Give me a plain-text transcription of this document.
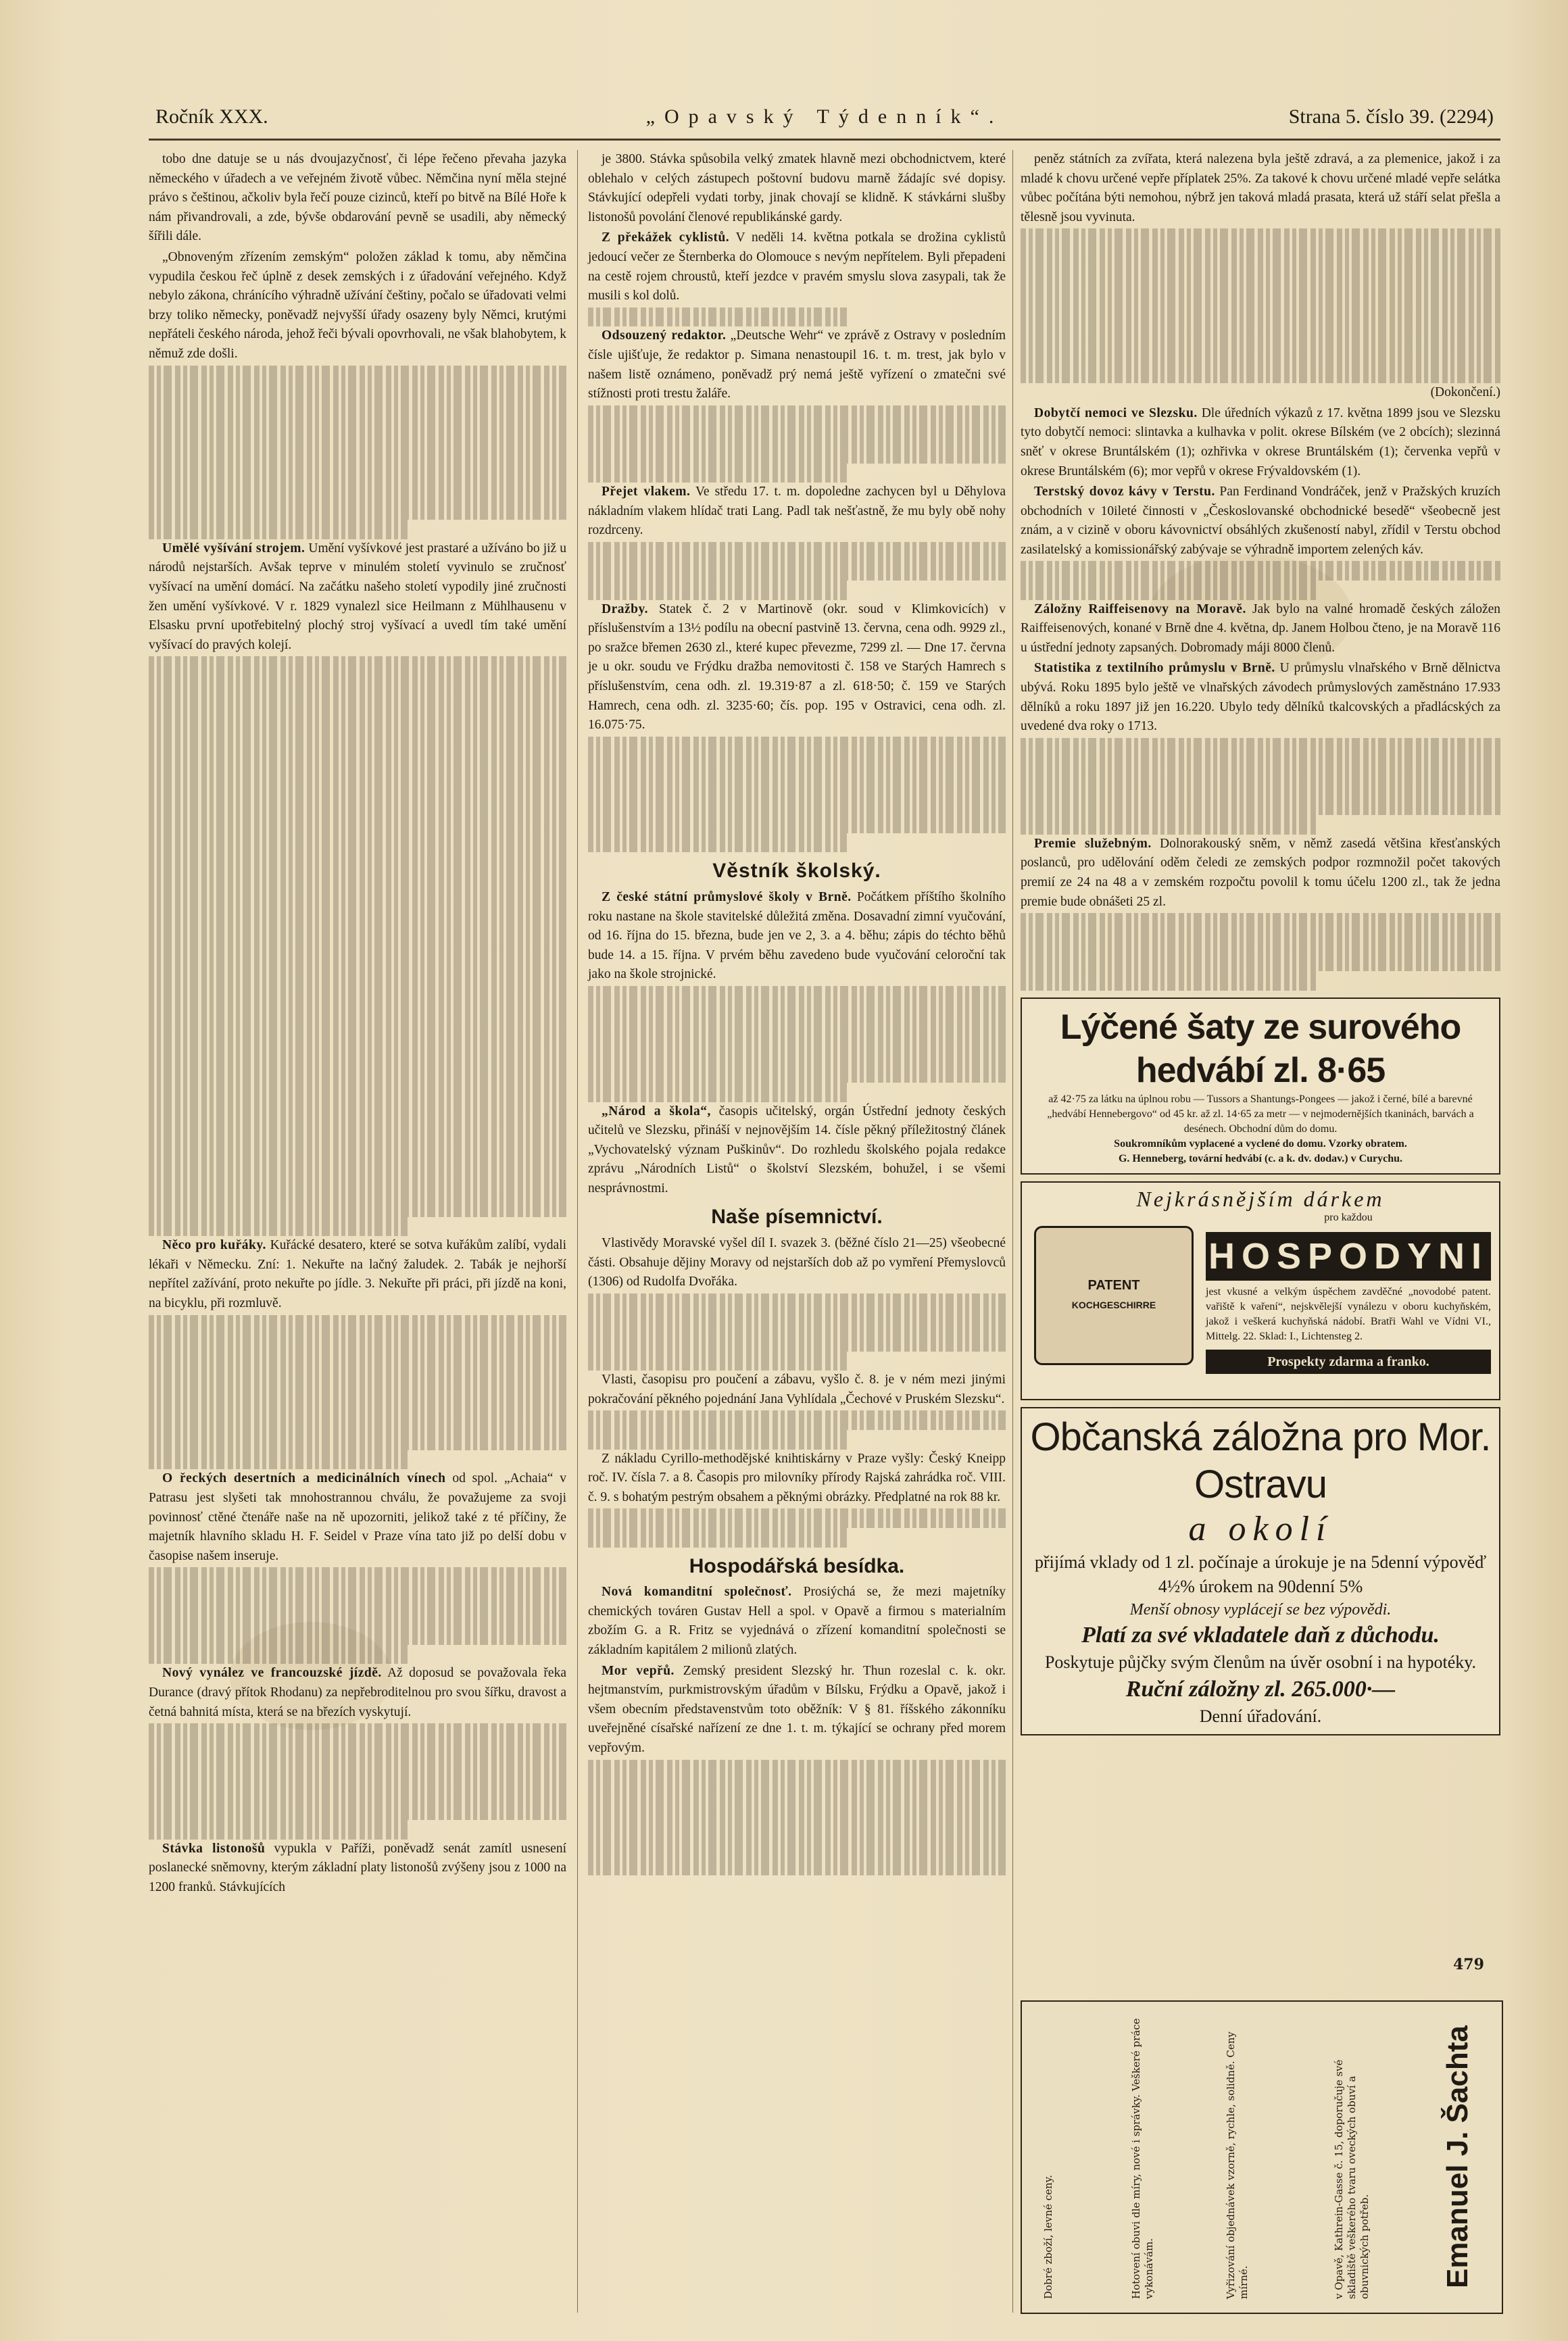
Ročník XXX.	„Opavský Týdenník“.	Strana 5. číslo 39. (2294)

tobo dne datuje se u nás dvoujazyčnosť, či lépe řečeno převaha jazyka německého v úřadech a ve veřejném životě vůbec. Němčina nyní měla stejné právo s češtinou, ačkoliv byla řečí pouze cizinců, kteří po bitvě na Bílé Hoře k nám přivandrovali, a zde, bývše obdarování pevně se usadili, aby německý šířili dále.

„Obnoveným zřízením zemským“ položen základ k tomu, aby němčina vypudila českou řeč úplně z desek zemských i z úřadování veřejného. Když nebylo zákona, chránícího výhradně užívání češtiny, počalo se úřadovati velmi brzy toliko německy, poněvadž nejvyšší úřady osazeny byly Němci, krutými nepřáteli českého národa, jehož řeči bývali opovrhovali, ne však blahobytem, k němuž zde došli.

Umělé vyšívání strojem. Umění vyšívkové jest prastaré a užíváno bo již u národů nejstarších. Avšak teprve v minulém století vyvinulo se zručnosť vyšívací na umění domácí. Na začátku našeho století vypodily jiné zručnosti žen umění vyšívkové. V r. 1829 vynalezl sice Heilmann z Mühlhausenu v Elsasku první upotřebitelný plochý stroj vyšívací a uvedl tím také umění vyšívací do pravých kolejí.

Něco pro kuřáky. Kuřácké desatero, které se sotva kuřákům zalíbí, vydali lékaři v Německu. Zní: 1. Nekuřte na lačný žaludek. 2. Tabák je nejhorší nepřítel zažívání, proto nekuřte po jídle. 3. Nekuřte při práci, při jízdě na koni, na bicyklu, při rozmluvě.

O řeckých desertních a medicinálních vínech od spol. „Achaia“ v Patrasu jest slyšeti tak mnohostrannou chválu, že považujeme za svoji povinnosť ctěné čtenáře naše na ně upozorniti, jelikož také z té příčiny, že majetník hlavního skladu H. F. Seidel v Praze vína tato již po delší dobu v časopise našem inseruje.

Nový vynález ve francouzské jízdě. Až doposud se považovala řeka Durance (dravý přítok Rhodanu) za nepřebroditelnou pro svou šířku, dravost a četná bahnitá místa, která se na březích vyskytují.

Stávka listonošů vypukla v Paříži, poněvadž senát zamítl usnesení poslanecké sněmovny, kterým základní platy listonošů zvýšeny jsou z 1000 na 1200 franků. Stávkujících

je 3800. Stávka spůsobila velký zmatek hlavně mezi obchodnictvem, které oblehalo v celých zástupech poštovní budovu marně žádajíc své dopisy. Stávkující odepřeli vydati torby, jinak chovají se klidně. K stávkárni slušby listonošů povolání členové republikánské gardy.

Z překážek cyklistů. V neděli 14. května potkala se drožina cyklistů jedoucí večer ze Šternberka do Olomouce s nevým nepřítelem. Byli přepadeni na cestě rojem chroustů, kteří jezdce v pravém smyslu slova zasypali, tak že musili s kol dolů.

Odsouzený redaktor. „Deutsche Wehr“ ve zprávě z Ostravy v posledním čísle ujišťuje, že redaktor p. Simana nenastoupil 16. t. m. trest, jak bylo v našem listě oznámeno, poněvadž prý nemá ještě vyřízení o zmatečni své stížnosti proti trestu žaláře.

Přejet vlakem. Ve středu 17. t. m. dopoledne zachycen byl u Děhylova nákladním vlakem hlídač trati Lang. Padl tak nešťastně, že mu byly obě nohy rozdrceny.

Dražby. Statek č. 2 v Martinově (okr. soud v Klimkovicích) v příslušenstvím a 13½ podílu na obecní pastvině 13. června, cena odh. 9929 zl., po sražce břemen 2630 zl., které kupec převezme, 7299 zl. — Dne 17. června je u okr. soudu ve Frýdku dražba nemovitosti č. 158 ve Starých Hamrech s příslušenstvím, cena odh. zl. 19.319·87 a zl. 618·50; č. 159 ve Starých Hamrech, cena odh. zl. 3235·60; čís. pop. 195 v Ostravici, cena odh. zl. 16.075·75.

Věstník školský.

Z české státní průmyslové školy v Brně. Počátkem příštího školního roku nastane na škole stavitelské důležitá změna. Dosavadní zimní vyučování, od 16. října do 15. března, bude jen ve 2, 3. a 4. běhu; zápis do téchto běhů bude 14. a 15. října. V prvém běhu zavedeno bude vyučování celoroční tak jako na škole strojnické.

„Národ a škola“, časopis učitelský, orgán Ústřední jednoty českých učitelů ve Slezsku, přináší v nejnovějším 14. čísle pěkný příležitostný článek „Vychovatelský význam Puškinův“. Do rozhledu školského pojala redakce zprávu „Národních Listů“ o školství Slezském, bohužel, i se všemi nesprávnostmi.

Naše písemnictví.

Vlastivědy Moravské vyšel díl I. svazek 3. (běžné číslo 21—25) všeobecné části. Obsahuje dějiny Moravy od nejstarších dob až po vymření Přemyslovců (1306) od Rudolfa Dvořáka.

Vlasti, časopisu pro poučení a zábavu, vyšlo č. 8. je v ném mezi jinými pokračování pěkného pojednání Jana Vyhlídala „Čechové v Pruském Slezsku“.

Z nákladu Cyrillo-methodějské knihtiskárny v Praze vyšly: Český Kneipp roč. IV. čísla 7. a 8. Časopis pro milovníky přírody Rajská zahrádka roč. VIII. č. 9. s bohatým pestrým obsahem a pěknými obrázky. Předplatné na rok 88 kr.

Hospodářská besídka.

Nová komanditní společnosť. Prosiýchá se, že mezi majetníky chemických továren Gustav Hell a spol. v Opavě a firmou s materialním zbožím G. a R. Fritz se vyjednává o zřízení komanditní společnosti se základním kapitálem 2 milionů zlatých.

Mor vepřů. Zemský president Slezský hr. Thun rozeslal c. k. okr. hejtmanstvím, purkmistrovským úřadům v Bílsku, Frýdku a Opavě, jakož i všem obecním představenstvům toto oběžník: V § 81. říšského zákonníku uveřejněné císařské nařízení ze dne 1. t. m. týkající se ochrany před morem vepřovým.

peněz státních za zvířata, která nalezena byla ještě zdravá, a za plemenice, jakož i za mladé k chovu určené vepře příplatek 25%. Za takové k chovu určené mladé vepře selátka vůbec počítána býti nemohou, nýbrž jen taková mladá prasata, která už stáří selat přešla a tělesně jsou vyvinuta.

(Dokončení.)

Dobytčí nemoci ve Slezsku. Dle úředních výkazů z 17. května 1899 jsou ve Slezsku tyto dobytčí nemoci: slintavka a kulhavka v polit. okrese Bílském (ve 2 obcích); slezinná sněť v okrese Bruntálském (1); ozhřivka v okrese Bruntálském (1); červenka vepřů v okrese Bruntálském (6); mor vepřů v okrese Frývaldovském (1).

Terstský dovoz kávy v Terstu. Pan Ferdinand Vondráček, jenž v Pražských kruzích obchodních v 10ileté činnosti v „Českoslovanské obchodnické besedě“ všeobecně jest znám, a v cizině v oboru kávovnictví obsáhlých zkušeností nabyl, zřídil v Terstu obchod zasilatelský a komissionářský zabývaje se výhradně importem zelených káv.

Záložny Raiffeisenovy na Moravě. Jak bylo na valné hromadě českých záložen Raiffeisenových, konané v Brně dne 4. května, dp. Janem Holbou čteno, je na Moravě 116 u ústřední jednoty zapsaných. Dobromady máji 8000 členů.

Statistika z textilního průmyslu v Brně. U průmyslu vlnařského v Brně dělnictva ubývá. Roku 1895 bylo ještě ve vlnařských závodech průmyslových zaměstnáno 17.933 dělníků a roku 1897 již jen 16.220. Ubylo tedy dělníků tkalcovských a přadlácských za uvedené dva roky o 1713.

Premie služebným. Dolnorakouský sněm, v němž zasedá většina křesťanských poslanců, pro udělování oděm čeledi ze zemských podpor rozmnožil počet takových premií ze 24 na 48 a v zemském rozpočtu povolil k tomu účelu 1200 zl., tak že jedna premie bude obnášeti 25 zl.

Lýčené šaty ze surového hedvábí zl. 8·65
až 42·75 za látku na úplnou robu — Tussors a Shantungs-Pongees — jakož i černé, bílé a barevné „hedvábí Hennebergovo“ od 45 kr. až zl. 14·65 za metr — v nejmodernějších tkaninách, barvách a desénech. Obchodní dům do domu.
Soukromníkům vyplacené a vyclené do domu. Vzorky obratem.
G. Henneberg, tovární hedvábí (c. a k. dv. dodav.) v Curychu.
Nejkrásnějším dárkem
pro každou
HOSPODYNI
PATENT
KOCHGESCHIRRE
jest vkusné a velkým úspěchem zavděčné „novodobé patent. vařiště k vaření“, nejskvělejší vynálezu v oboru kuchyňském, jakož i veškerá kuchyňská nádobí. Bratři Wahl ve Vídni VI., Mittelg. 22. Sklad: I., Lichtensteg 2.
Prospekty zdarma a franko.
Občanská záložna pro Mor. Ostravu
a okolí
přijímá vklady od 1 zl. počínaje a úrokuje je na 5denní výpověď 4½% úrokem na 90denní 5%
Menší obnosy vyplácejí se bez výpovědi.
Platí za své vkladatele daň z důchodu.
Poskytuje půjčky svým členům na úvěr osobní i na hypotéky.
Ruční záložny zl. 265.000·—
Denní úřadování.
479
Emanuel J. Šachta
v Opavě, Kathrein-Gasse č. 15, doporučuje své skladiště veškerého tvaru oveckých obuví a obuvnických potřeb.
Vyřizování objednávek vzorně, rychle, solidně. Ceny mírné.
Hotovení obuvi dle míry, nové i správky. Veškeré práce vykonávám.
Dobré zboží, levné ceny.
